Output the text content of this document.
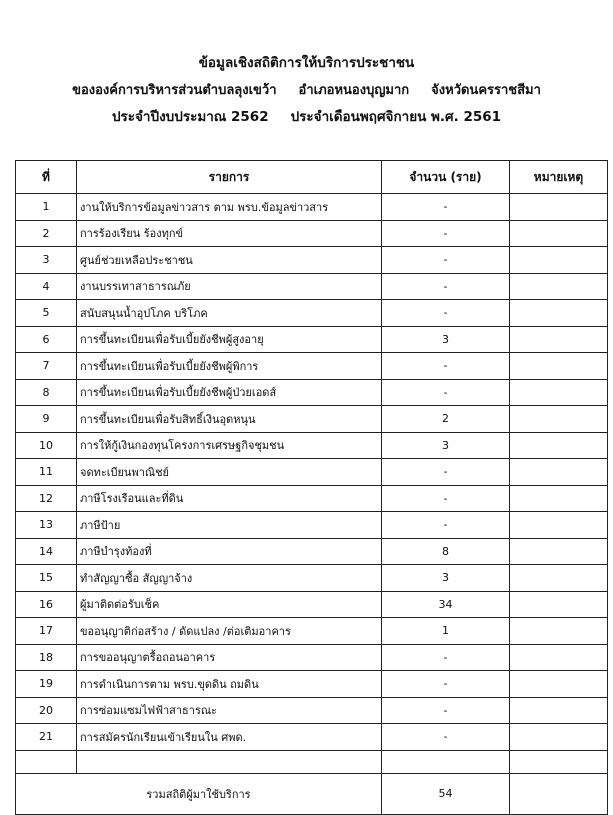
ข้อมูลเชิงสถิติการให้บริการประชาชน
ขององค์การบริหารส่วนตำบลลุงเขว้า อำเภอหนองบุญมาก จังหวัดนครราชสีมา
ประจำปีงบประมาณ 2562 ประจำเดือนพฤศจิกายน พ.ศ. 2561
ที่	รายการ	จำนวน (ราย)	หมายเหตุ
1	งานให้บริการข้อมูลข่าวสาร ตาม พรบ.ข้อมูลข่าวสาร	-	
2	การร้องเรียน ร้องทุกข์	-	
3	ศูนย์ช่วยเหลือประชาชน	-	
4	งานบรรเทาสาธารณภัย	-	
5	สนับสนุนน้ำอุปโภค บริโภค	-	
6	การขึ้นทะเบียนเพื่อรับเบี้ยยังชีพผู้สูงอายุ	3	
7	การขึ้นทะเบียนเพื่อรับเบี้ยยังชีพผู้พิการ	-	
8	การขึ้นทะเบียนเพื่อรับเบี้ยยังชีพผู้ป่วยเอดส์	-	
9	การขึ้นทะเบียนเพื่อรับสิทธิ์เงินอุดหนุน	2	
10	การให้กู้เงินกองทุนโครงการเศรษฐกิจชุมชน	3	
11	จดทะเบียนพาณิชย์	-	
12	ภาษีโรงเรือนและที่ดิน	-	
13	ภาษีป้าย	-	
14	ภาษีบำรุงท้องที่	8	
15	ทำสัญญาซื้อ สัญญาจ้าง	3	
16	ผู้มาติดต่อรับเช็ค	34	
17	ขออนุญาติก่อสร้าง / ดัดแปลง /ต่อเติมอาคาร	1	
18	การขออนุญาตรื้อถอนอาคาร	-	
19	การดำเนินการตาม พรบ.ขุดดิน ถมดิน	-	
20	การซ่อมแซมไฟฟ้าสาธารณะ	-	
21	การสมัครนักเรียนเข้าเรียนใน ศพด.	-	

รวมสถิติผู้มาใช้บริการ		54	
